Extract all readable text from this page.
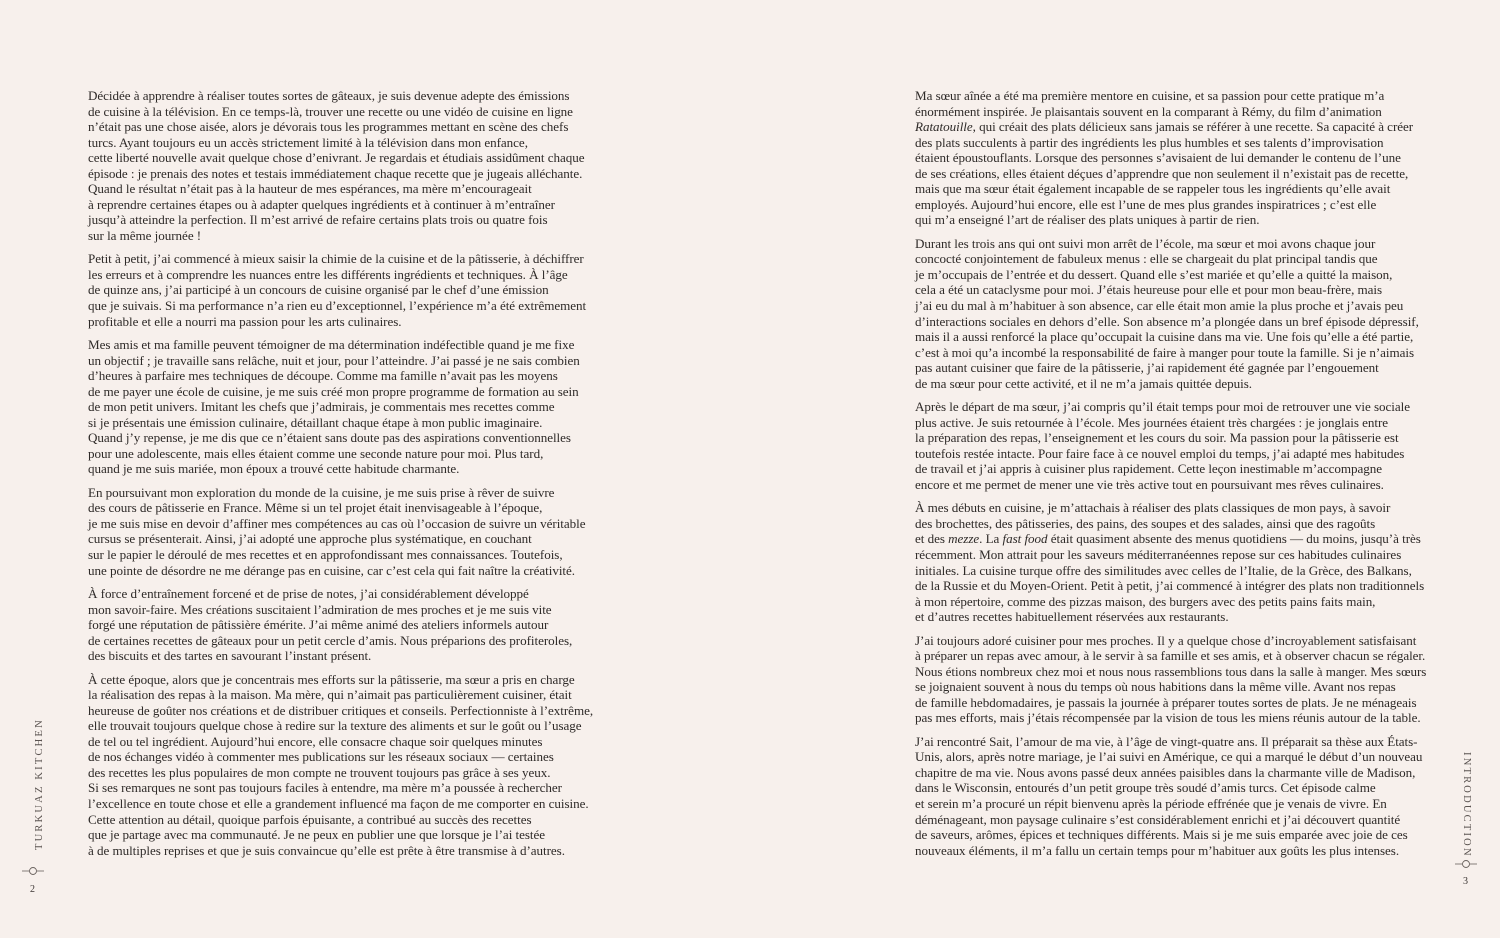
Décidée à apprendre à réaliser toutes sortes de gâteaux, je suis devenue adepte des émissions
de cuisine à la télévision. En ce temps-là, trouver une recette ou une vidéo de cuisine en ligne
n’était pas une chose aisée, alors je dévorais tous les programmes mettant en scène des chefs
turcs. Ayant toujours eu un accès strictement limité à la télévision dans mon enfance,
cette liberté nouvelle avait quelque chose d’enivrant. Je regardais et étudiais assidûment chaque
épisode : je prenais des notes et testais immédiatement chaque recette que je jugeais alléchante.
Quand le résultat n’était pas à la hauteur de mes espérances, ma mère m’encourageait
à reprendre certaines étapes ou à adapter quelques ingrédients et à continuer à m’entraîner
jusqu’à atteindre la perfection. Il m’est arrivé de refaire certains plats trois ou quatre fois
sur la même journée !

Petit à petit, j’ai commencé à mieux saisir la chimie de la cuisine et de la pâtisserie, à déchiffrer
les erreurs et à comprendre les nuances entre les différents ingrédients et techniques. À l’âge
de quinze ans, j’ai participé à un concours de cuisine organisé par le chef d’une émission
que je suivais. Si ma performance n’a rien eu d’exceptionnel, l’expérience m’a été extrêmement
profitable et elle a nourri ma passion pour les arts culinaires.

Mes amis et ma famille peuvent témoigner de ma détermination indéfectible quand je me fixe
un objectif ; je travaille sans relâche, nuit et jour, pour l’atteindre. J’ai passé je ne sais combien
d’heures à parfaire mes techniques de découpe. Comme ma famille n’avait pas les moyens
de me payer une école de cuisine, je me suis créé mon propre programme de formation au sein
de mon petit univers. Imitant les chefs que j’admirais, je commentais mes recettes comme
si je présentais une émission culinaire, détaillant chaque étape à mon public imaginaire.
Quand j’y repense, je me dis que ce n’étaient sans doute pas des aspirations conventionnelles
pour une adolescente, mais elles étaient comme une seconde nature pour moi. Plus tard,
quand je me suis mariée, mon époux a trouvé cette habitude charmante.

En poursuivant mon exploration du monde de la cuisine, je me suis prise à rêver de suivre
des cours de pâtisserie en France. Même si un tel projet était inenvisageable à l’époque,
je me suis mise en devoir d’affiner mes compétences au cas où l’occasion de suivre un véritable
cursus se présenterait. Ainsi, j’ai adopté une approche plus systématique, en couchant
sur le papier le déroulé de mes recettes et en approfondissant mes connaissances. Toutefois,
une pointe de désordre ne me dérange pas en cuisine, car c’est cela qui fait naître la créativité.

À force d’entraînement forcené et de prise de notes, j’ai considérablement développé
mon savoir-faire. Mes créations suscitaient l’admiration de mes proches et je me suis vite
forgé une réputation de pâtissière émérite. J’ai même animé des ateliers informels autour
de certaines recettes de gâteaux pour un petit cercle d’amis. Nous préparions des profiteroles,
des biscuits et des tartes en savourant l’instant présent.

À cette époque, alors que je concentrais mes efforts sur la pâtisserie, ma sœur a pris en charge
la réalisation des repas à la maison. Ma mère, qui n’aimait pas particulièrement cuisiner, était
heureuse de goûter nos créations et de distribuer critiques et conseils. Perfectionniste à l’extrême,
elle trouvait toujours quelque chose à redire sur la texture des aliments et sur le goût ou l’usage
de tel ou tel ingrédient. Aujourd’hui encore, elle consacre chaque soir quelques minutes
de nos échanges vidéo à commenter mes publications sur les réseaux sociaux — certaines
des recettes les plus populaires de mon compte ne trouvent toujours pas grâce à ses yeux.
Si ses remarques ne sont pas toujours faciles à entendre, ma mère m’a poussée à rechercher
l’excellence en toute chose et elle a grandement influencé ma façon de me comporter en cuisine.
Cette attention au détail, quoique parfois épuisante, a contribué au succès des recettes
que je partage avec ma communauté. Je ne peux en publier une que lorsque je l’ai testée
à de multiples reprises et que je suis convaincue qu’elle est prête à être transmise à d’autres.

TURKUAZ KITCHEN
2

Ma sœur aînée a été ma première mentore en cuisine, et sa passion pour cette pratique m’a
énormément inspirée. Je plaisantais souvent en la comparant à Rémy, du film d’animation
Ratatouille, qui créait des plats délicieux sans jamais se référer à une recette. Sa capacité à créer
des plats succulents à partir des ingrédients les plus humbles et ses talents d’improvisation
étaient époustouflants. Lorsque des personnes s’avisaient de lui demander le contenu de l’une
de ses créations, elles étaient déçues d’apprendre que non seulement il n’existait pas de recette,
mais que ma sœur était également incapable de se rappeler tous les ingrédients qu’elle avait
employés. Aujourd’hui encore, elle est l’une de mes plus grandes inspiratrices ; c’est elle
qui m’a enseigné l’art de réaliser des plats uniques à partir de rien.

Durant les trois ans qui ont suivi mon arrêt de l’école, ma sœur et moi avons chaque jour
concocté conjointement de fabuleux menus : elle se chargeait du plat principal tandis que
je m’occupais de l’entrée et du dessert. Quand elle s’est mariée et qu’elle a quitté la maison,
cela a été un cataclysme pour moi. J’étais heureuse pour elle et pour mon beau-frère, mais
j’ai eu du mal à m’habituer à son absence, car elle était mon amie la plus proche et j’avais peu
d’interactions sociales en dehors d’elle. Son absence m’a plongée dans un bref épisode dépressif,
mais il a aussi renforcé la place qu’occupait la cuisine dans ma vie. Une fois qu’elle a été partie,
c’est à moi qu’a incombé la responsabilité de faire à manger pour toute la famille. Si je n’aimais
pas autant cuisiner que faire de la pâtisserie, j’ai rapidement été gagnée par l’engouement
de ma sœur pour cette activité, et il ne m’a jamais quittée depuis.

Après le départ de ma sœur, j’ai compris qu’il était temps pour moi de retrouver une vie sociale
plus active. Je suis retournée à l’école. Mes journées étaient très chargées : je jonglais entre
la préparation des repas, l’enseignement et les cours du soir. Ma passion pour la pâtisserie est
toutefois restée intacte. Pour faire face à ce nouvel emploi du temps, j’ai adapté mes habitudes
de travail et j’ai appris à cuisiner plus rapidement. Cette leçon inestimable m’accompagne
encore et me permet de mener une vie très active tout en poursuivant mes rêves culinaires.

À mes débuts en cuisine, je m’attachais à réaliser des plats classiques de mon pays, à savoir
des brochettes, des pâtisseries, des pains, des soupes et des salades, ainsi que des ragoûts
et des mezze. La fast food était quasiment absente des menus quotidiens — du moins, jusqu’à très
récemment. Mon attrait pour les saveurs méditerranéennes repose sur ces habitudes culinaires
initiales. La cuisine turque offre des similitudes avec celles de l’Italie, de la Grèce, des Balkans,
de la Russie et du Moyen-Orient. Petit à petit, j’ai commencé à intégrer des plats non traditionnels
à mon répertoire, comme des pizzas maison, des burgers avec des petits pains faits main,
et d’autres recettes habituellement réservées aux restaurants.

J’ai toujours adoré cuisiner pour mes proches. Il y a quelque chose d’incroyablement satisfaisant
à préparer un repas avec amour, à le servir à sa famille et ses amis, et à observer chacun se régaler.
Nous étions nombreux chez moi et nous nous rassemblions tous dans la salle à manger. Mes sœurs
se joignaient souvent à nous du temps où nous habitions dans la même ville. Avant nos repas
de famille hebdomadaires, je passais la journée à préparer toutes sortes de plats. Je ne ménageais
pas mes efforts, mais j’étais récompensée par la vision de tous les miens réunis autour de la table.

J’ai rencontré Sait, l’amour de ma vie, à l’âge de vingt-quatre ans. Il préparait sa thèse aux États-
Unis, alors, après notre mariage, je l’ai suivi en Amérique, ce qui a marqué le début d’un nouveau
chapitre de ma vie. Nous avons passé deux années paisibles dans la charmante ville de Madison,
dans le Wisconsin, entourés d’un petit groupe très soudé d’amis turcs. Cet épisode calme
et serein m’a procuré un répit bienvenu après la période effrénée que je venais de vivre. En
déménageant, mon paysage culinaire s’est considérablement enrichi et j’ai découvert quantité
de saveurs, arômes, épices et techniques différents. Mais si je me suis emparée avec joie de ces
nouveaux éléments, il m’a fallu un certain temps pour m’habituer aux goûts les plus intenses.	INTRODUCTION
3
